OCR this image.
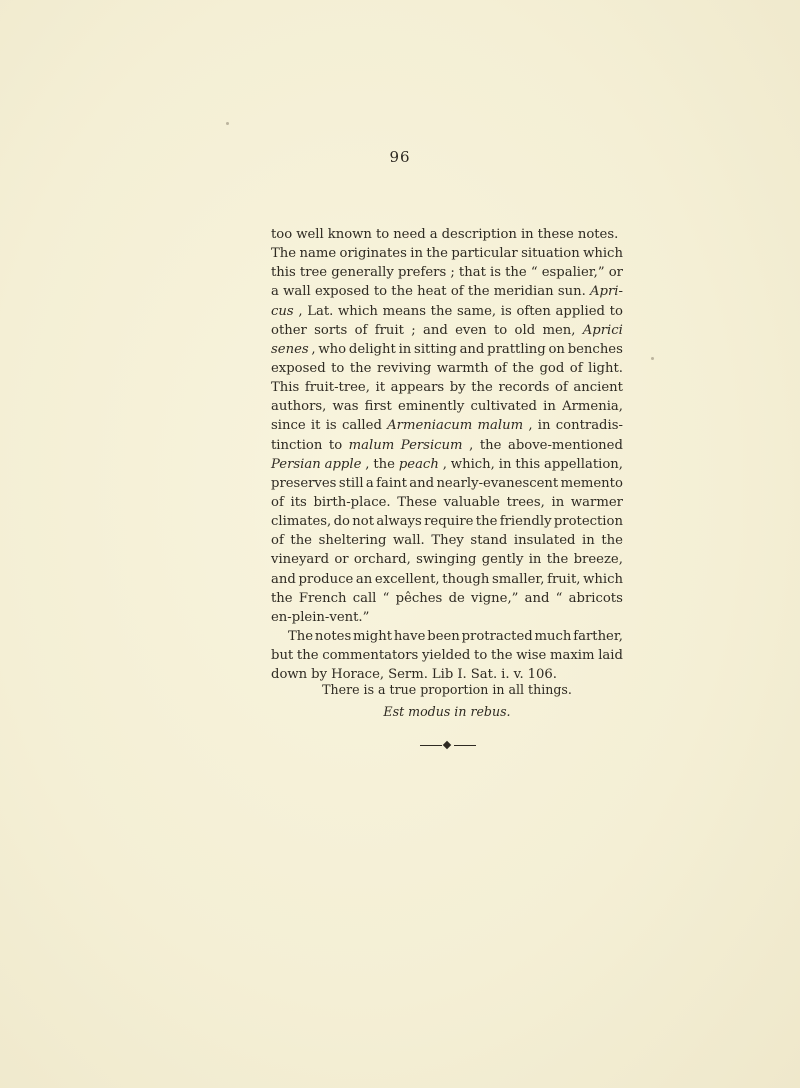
96
too well known to need a description in these notes.
The name originates in the particular situation which
this tree generally prefers ; that is the “ espalier,” or
a wall exposed to the heat of the meridian sun. Apri-
cus , Lat. which means the same, is often applied to
other sorts of fruit ; and even to old men, Aprici
senes , who delight in sitting and prattling on benches
exposed to the reviving warmth of the god of light.
This fruit-tree, it appears by the records of ancient
authors, was first eminently cultivated in Armenia,
since it is called Armeniacum malum , in contradis-
tinction to malum Persicum , the above-mentioned
Persian apple , the peach , which, in this appellation,
preserves still a faint and nearly-evanescent memento
of its birth-place. These valuable trees, in warmer
climates, do not always require the friendly protection
of the sheltering wall. They stand insulated in the
vineyard or orchard, swinging gently in the breeze,
and produce an excellent, though smaller, fruit, which
the French call “ pêches de vigne,” and “ abricots
en-plein-vent.”
The notes might have been protracted much farther,
but the commentators yielded to the wise maxim laid
down by Horace, Serm. Lib I. Sat. i. v. 106.
There is a true proportion in all things.
Est modus in rebus.
